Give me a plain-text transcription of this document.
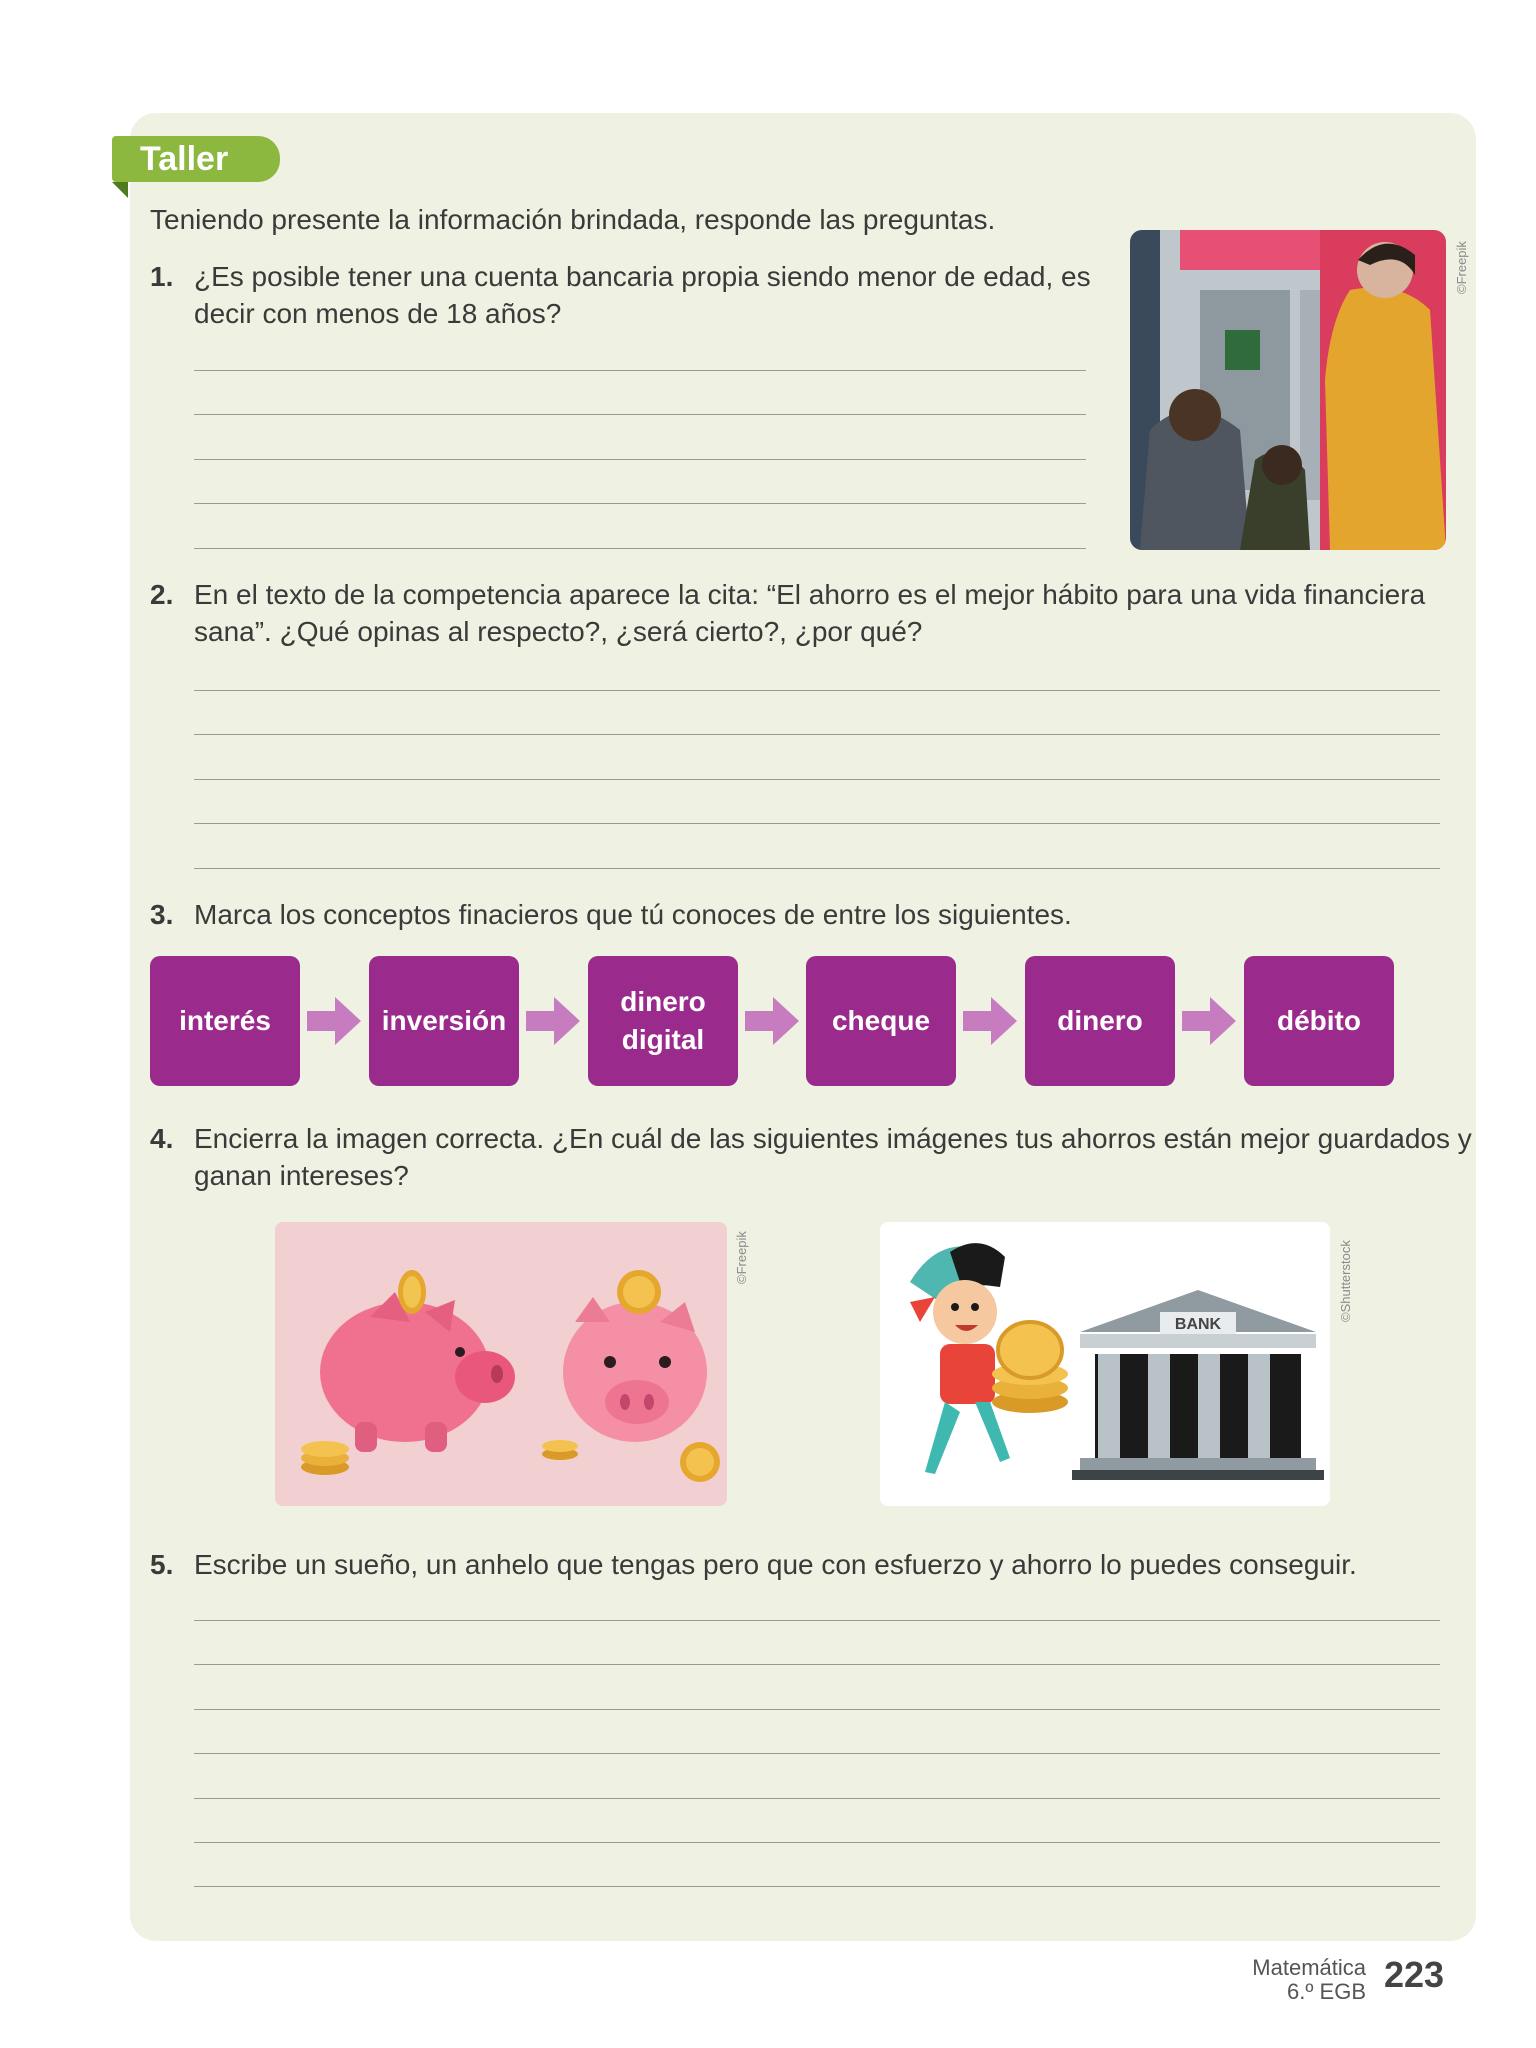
Taller
Teniendo presente la información brindada, responde las preguntas.
1. ¿Es posible tener una cuenta bancaria propia siendo menor de edad, es
decir con menos de 18 años?
©Freepik
2. En el texto de la competencia aparece la cita: “El ahorro es el mejor hábito para una vida financiera
sana”. ¿Qué opinas al respecto?, ¿será cierto?, ¿por qué?
3. Marca los conceptos finacieros que tú conoces de entre los siguientes.
interés	inversión
dinero digital
cheque	dinero	débito
4. Encierra la imagen correcta. ¿En cuál de las siguientes imágenes tus ahorros están mejor guardados y
ganan intereses?
©Freepik
BANK
©Shutterstock
5. Escribe un sueño, un anhelo que tengas pero que con esfuerzo y ahorro lo puedes conseguir.
Matemática
6.º EGB 223
